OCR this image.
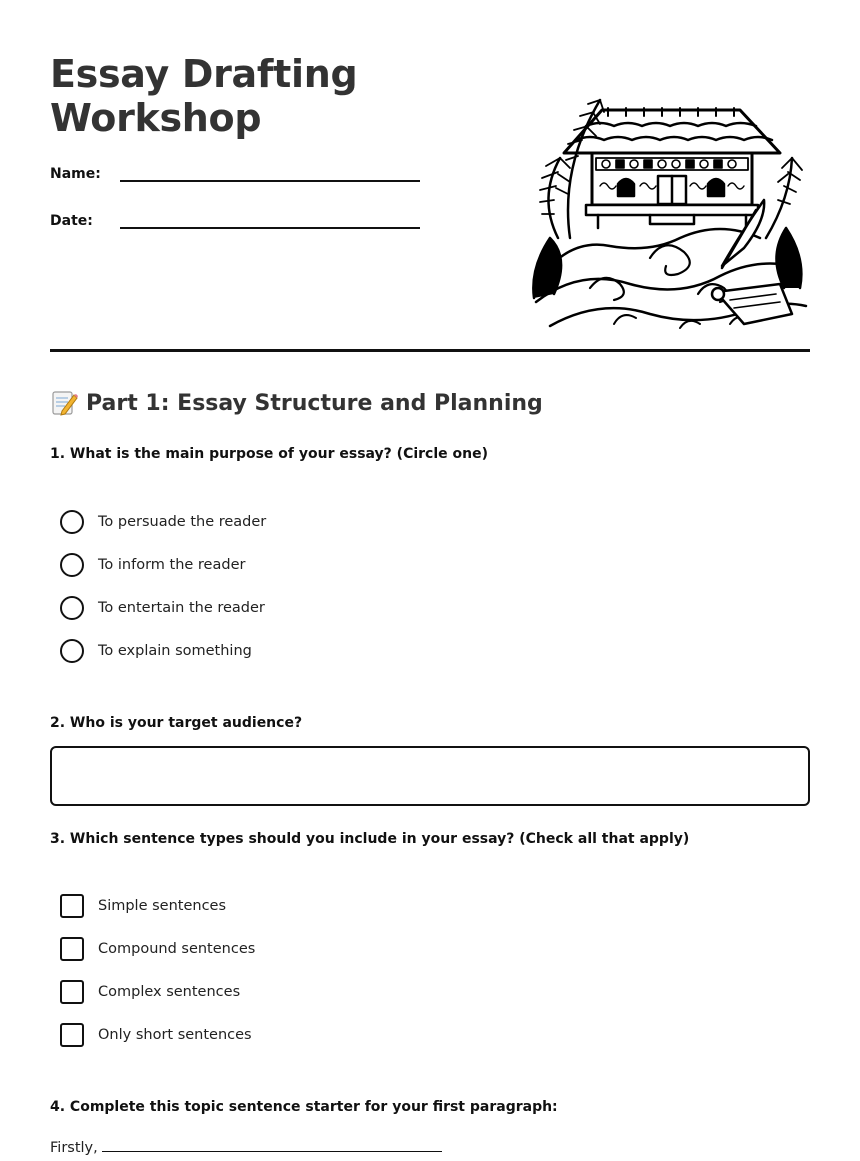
Essay Drafting
Workshop
Name:
Date:
Part 1: Essay Structure and Planning

1. What is the main purpose of your essay? (Circle one)

To persuade the reader
To inform the reader
To entertain the reader
To explain something

2. Who is your target audience?

3. Which sentence types should you include in your essay? (Check all that apply)

Simple sentences
Compound sentences
Complex sentences
Only short sentences

4. Complete this topic sentence starter for your first paragraph:

Firstly,
